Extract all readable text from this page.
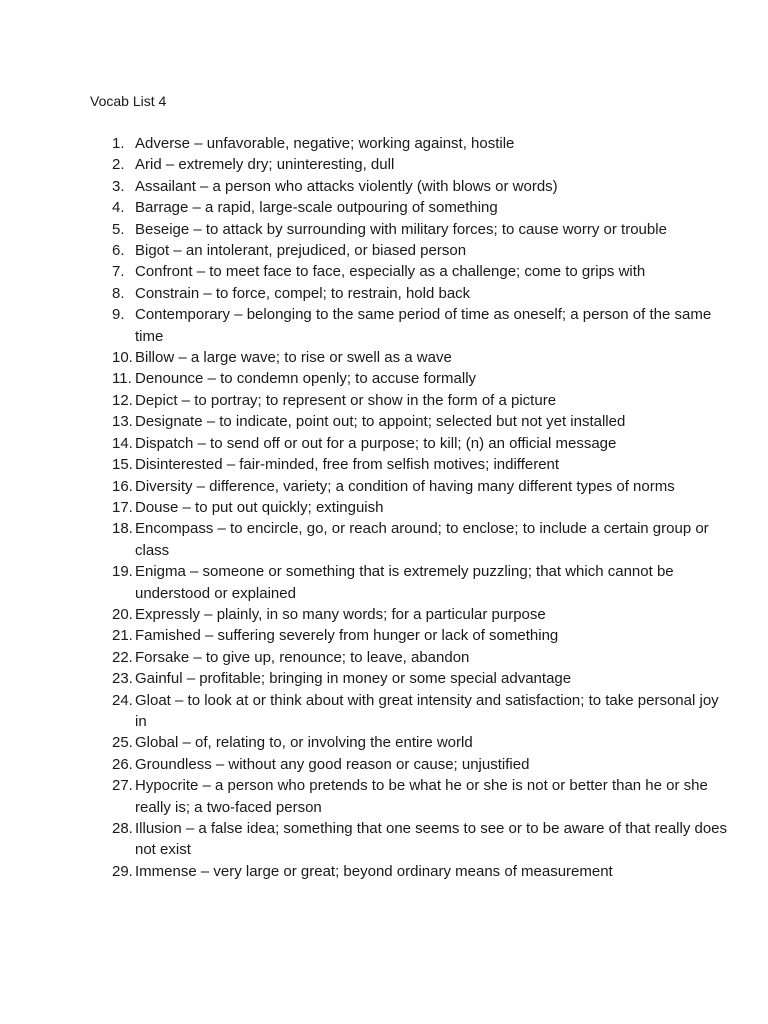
Vocab List 4
1. Adverse – unfavorable, negative; working against, hostile
2. Arid – extremely dry; uninteresting, dull
3. Assailant – a person who attacks violently (with blows or words)
4. Barrage – a rapid, large-scale outpouring of something
5. Beseige – to attack by surrounding with military forces; to cause worry or trouble
6. Bigot – an intolerant, prejudiced, or biased person
7. Confront – to meet face to face, especially as a challenge; come to grips with
8. Constrain – to force, compel; to restrain, hold back
9. Contemporary – belonging to the same period of time as oneself; a person of the same time
10. Billow – a large wave; to rise or swell as a wave
11. Denounce – to condemn openly; to accuse formally
12. Depict – to portray; to represent or show in the form of a picture
13. Designate – to indicate, point out; to appoint; selected but not yet installed
14. Dispatch – to send off or out for a purpose; to kill; (n) an official message
15. Disinterested – fair-minded, free from selfish motives; indifferent
16. Diversity – difference, variety; a condition of having many different types of norms
17. Douse – to put out quickly; extinguish
18. Encompass – to encircle, go, or reach around; to enclose; to include a certain group or class
19. Enigma – someone or something that is extremely puzzling; that which cannot be understood or explained
20. Expressly – plainly, in so many words; for a particular purpose
21. Famished – suffering severely from hunger or lack of something
22. Forsake – to give up, renounce; to leave, abandon
23. Gainful – profitable; bringing in money or some special advantage
24. Gloat – to look at or think about with great intensity and satisfaction; to take personal joy in
25. Global – of, relating to, or involving the entire world
26. Groundless – without any good reason or cause; unjustified
27. Hypocrite – a person who pretends to be what he or she is not or better than he or she really is; a two-faced person
28. Illusion – a false idea; something that one seems to see or to be aware of that really does not exist
29. Immense – very large or great; beyond ordinary means of measurement
